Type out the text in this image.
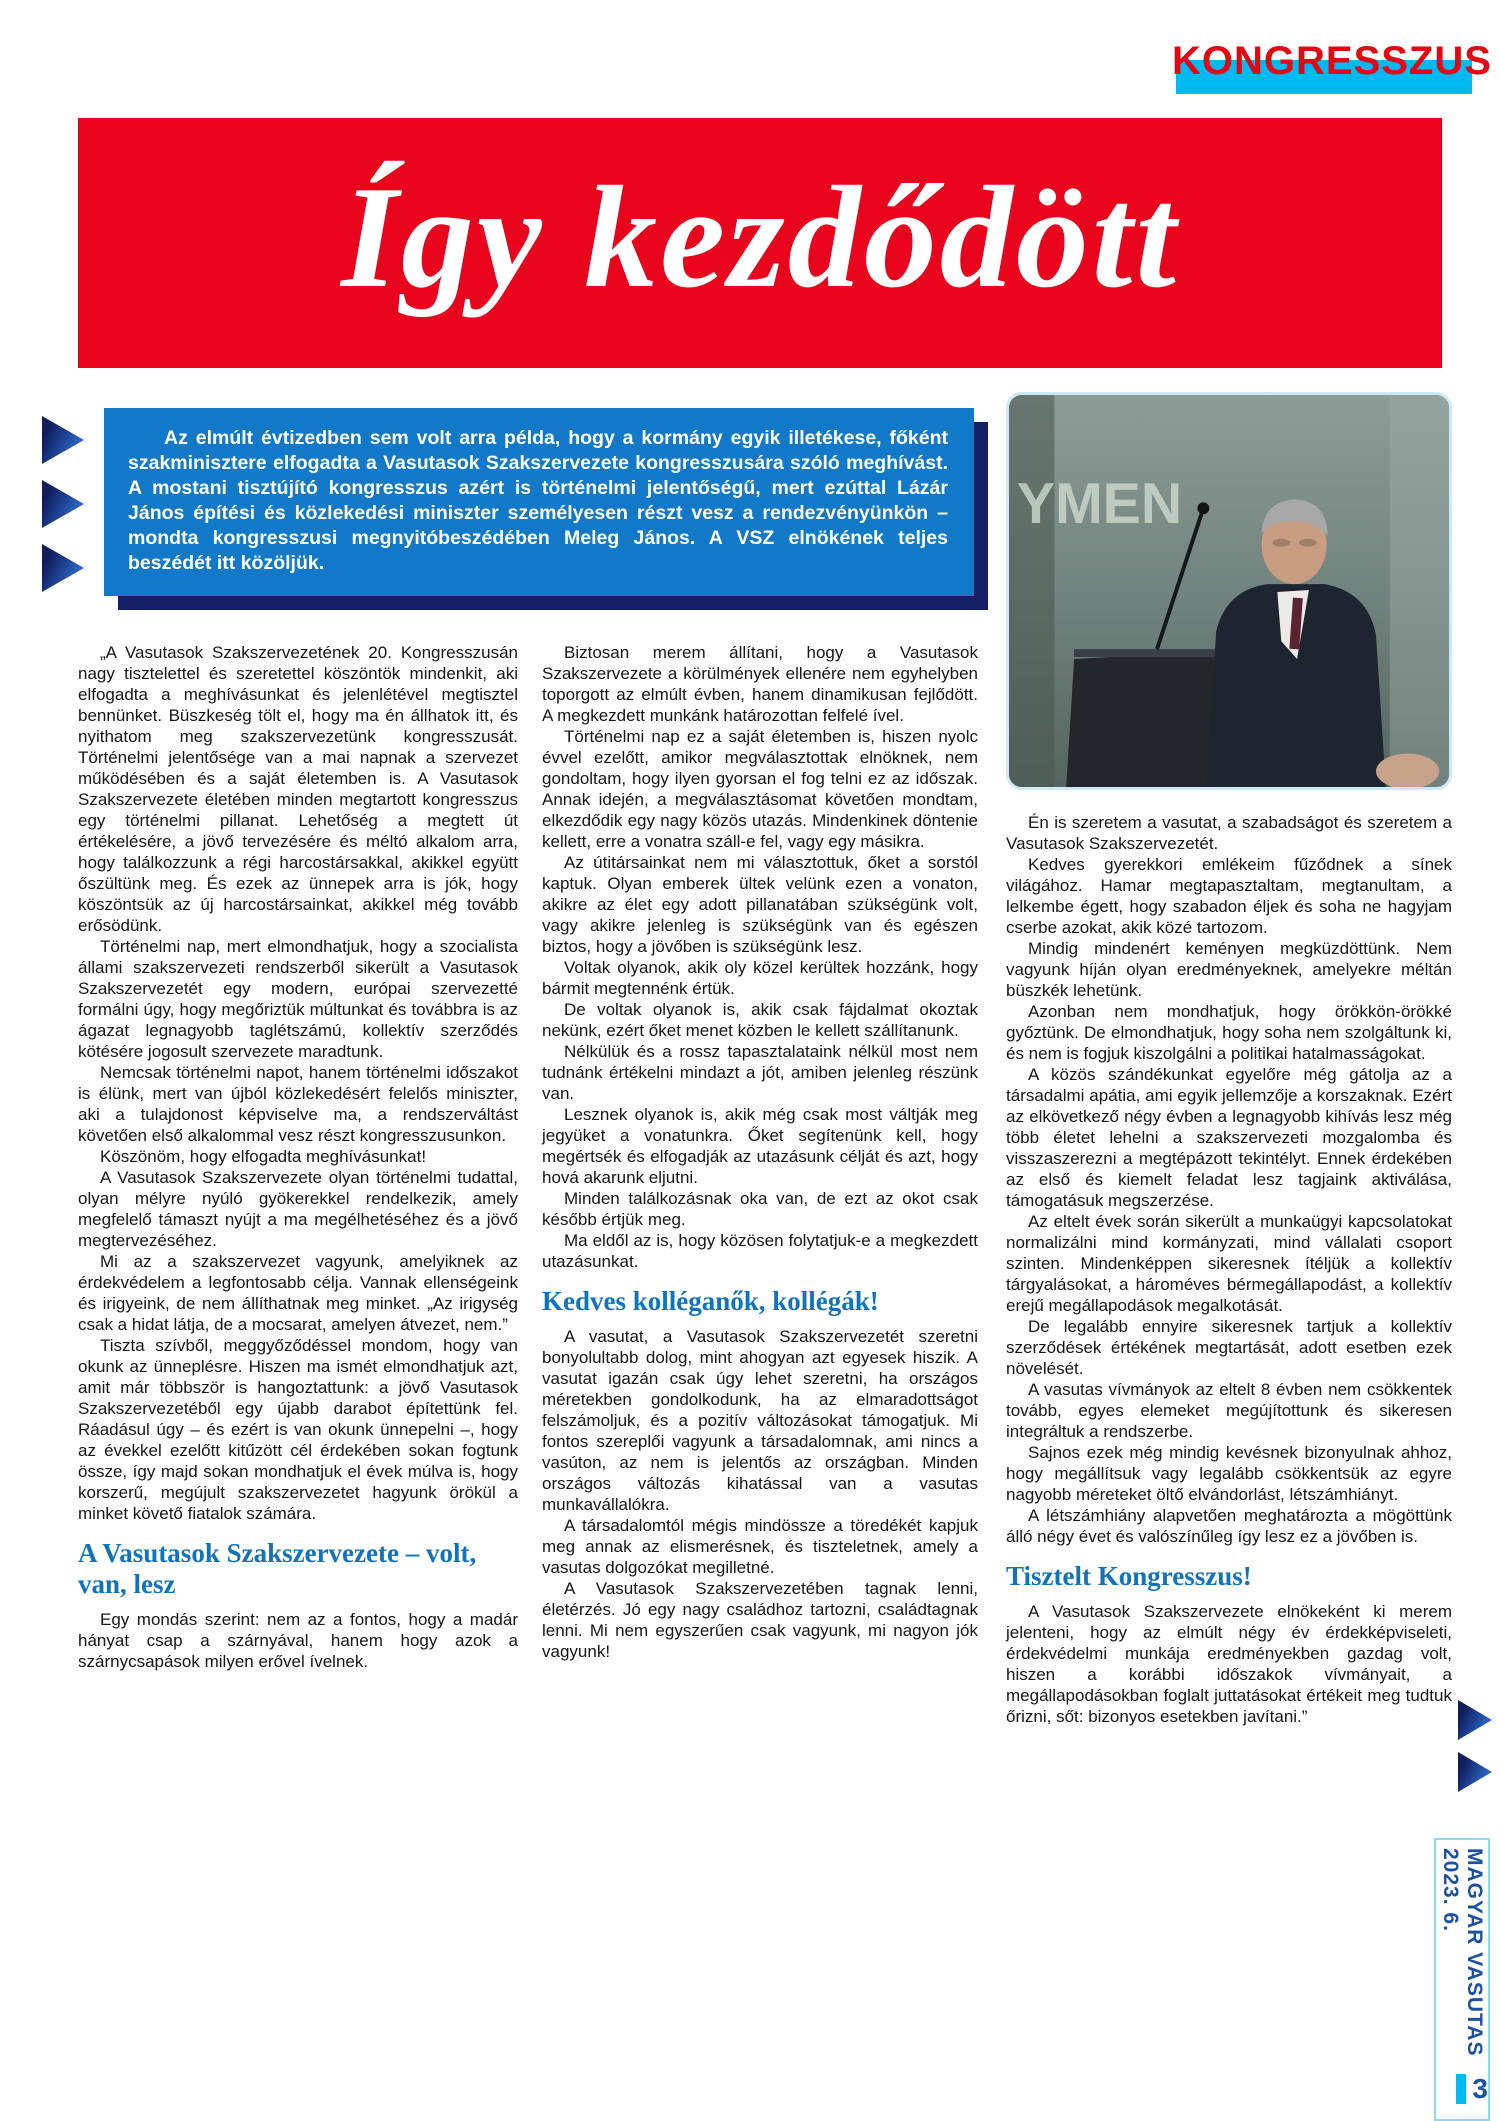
KONGRESSZUS
Így kezdődött

Az elmúlt évtizedben sem volt arra példa, hogy a kormány egyik illetékese, főként szakminisztere elfogadta a Vasutasok Szakszervezete kongresszusára szóló meghívást. A mostani tisztújító kongresszus azért is történelmi jelentőségű, mert ezúttal Lázár János építési és közlekedési miniszter személyesen részt vesz a rendezvényünkön – mondta kongresszusi megnyitóbeszédében Meleg János. A VSZ elnökének teljes beszédét itt közöljük.

YMEN

„A Vasutasok Szakszervezetének 20. Kongresszusán nagy tisztelettel és szeretettel köszöntök mindenkit, aki elfogadta a meghívásunkat és jelenlétével megtisztel bennünket. Büszkeség tölt el, hogy ma én állhatok itt, és nyithatom meg szakszervezetünk kongresszusát. Történelmi jelentősége van a mai napnak a szervezet működésében és a saját életemben is. A Vasutasok Szakszervezete életében minden megtartott kongresszus egy történelmi pillanat. Lehetőség a megtett út értékelésére, a jövő tervezésére és méltó alkalom arra, hogy találkozzunk a régi harcostársakkal, akikkel együtt őszültünk meg. És ezek az ünnepek arra is jók, hogy köszöntsük az új harcostársainkat, akikkel még tovább erősödünk.

Történelmi nap, mert elmondhatjuk, hogy a szocialista állami szakszervezeti rendszerből sikerült a Vasutasok Szakszervezetét egy modern, európai szervezetté formálni úgy, hogy megőriztük múltunkat és továbbra is az ágazat legnagyobb taglétszámú, kollektív szerződés kötésére jogosult szervezete maradtunk.

Nemcsak történelmi napot, hanem történelmi időszakot is élünk, mert van újból közlekedésért felelős miniszter, aki a tulajdonost képviselve ma, a rendszerváltást követően első alkalommal vesz részt kongresszusunkon.

Köszönöm, hogy elfogadta meghívásunkat!

A Vasutasok Szakszervezete olyan történelmi tudattal, olyan mélyre nyúló gyökerekkel rendelkezik, amely megfelelő támaszt nyújt a ma megélhetéséhez és a jövő megtervezéséhez.

Mi az a szakszervezet vagyunk, amelyiknek az érdekvédelem a legfontosabb célja. Vannak ellenségeink és irigyeink, de nem állíthatnak meg minket. „Az irigység csak a hidat látja, de a mocsarat, amelyen átvezet, nem.”

Tiszta szívből, meggyőződéssel mondom, hogy van okunk az ünneplésre. Hiszen ma ismét elmondhatjuk azt, amit már többször is hangoztattunk: a jövő Vasutasok Szakszervezetéből egy újabb darabot építettünk fel. Ráadásul úgy – és ezért is van okunk ünnepelni –, hogy az évekkel ezelőtt kitűzött cél érdekében sokan fogtunk össze, így majd sokan mondhatjuk el évek múlva is, hogy korszerű, megújult szakszervezetet hagyunk örökül a minket követő fiatalok számára.

A Vasutasok Szakszervezete – volt, van, lesz

Egy mondás szerint: nem az a fontos, hogy a madár hányat csap a szárnyával, hanem hogy azok a szárnycsapások milyen erővel ívelnek.

Biztosan merem állítani, hogy a Vasutasok Szakszervezete a körülmények ellenére nem egyhelyben toporgott az elmúlt évben, hanem dinamikusan fejlődött. A megkezdett munkánk határozottan felfelé ível.

Történelmi nap ez a saját életemben is, hiszen nyolc évvel ezelőtt, amikor megválasztottak elnöknek, nem gondoltam, hogy ilyen gyorsan el fog telni ez az időszak. Annak idején, a megválasztásomat követően mondtam, elkezdődik egy nagy közös utazás. Mindenkinek döntenie kellett, erre a vonatra száll-e fel, vagy egy másikra.

Az útitársainkat nem mi választottuk, őket a sorstól kaptuk. Olyan emberek ültek velünk ezen a vonaton, akikre az élet egy adott pillanatában szükségünk volt, vagy akikre jelenleg is szükségünk van és egészen biztos, hogy a jövőben is szükségünk lesz.

Voltak olyanok, akik oly közel kerültek hozzánk, hogy bármit megtennénk értük.

De voltak olyanok is, akik csak fájdalmat okoztak nekünk, ezért őket menet közben le kellett szállítanunk.

Nélkülük és a rossz tapasztalataink nélkül most nem tudnánk értékelni mindazt a jót, amiben jelenleg részünk van.

Lesznek olyanok is, akik még csak most váltják meg jegyüket a vonatunkra. Őket segítenünk kell, hogy megértsék és elfogadják az utazásunk célját és azt, hogy hová akarunk eljutni.

Minden találkozásnak oka van, de ezt az okot csak később értjük meg.

Ma eldől az is, hogy közösen folytatjuk-e a megkezdett utazásunkat.

Kedves kolléganők, kollégák!

A vasutat, a Vasutasok Szakszervezetét szeretni bonyolultabb dolog, mint ahogyan azt egyesek hiszik. A vasutat igazán csak úgy lehet szeretni, ha országos méretekben gondolkodunk, ha az elmaradottságot felszámoljuk, és a pozitív változásokat támogatjuk. Mi fontos szereplői vagyunk a társadalomnak, ami nincs a vasúton, az nem is jelentős az országban. Minden országos változás kihatással van a vasutas munkavállalókra.

A társadalomtól mégis mindössze a töredékét kapjuk meg annak az elismerésnek, és tiszteletnek, amely a vasutas dolgozókat megilletné.

A Vasutasok Szakszervezetében tagnak lenni, életérzés. Jó egy nagy családhoz tartozni, családtagnak lenni. Mi nem egyszerűen csak vagyunk, mi nagyon jók vagyunk!

Én is szeretem a vasutat, a szabadságot és szeretem a Vasutasok Szakszervezetét.

Kedves gyerekkori emlékeim fűződnek a sínek világához. Hamar megtapasztaltam, megtanultam, a lelkembe égett, hogy szabadon éljek és soha ne hagyjam cserbe azokat, akik közé tartozom.

Mindig mindenért keményen megküzdöttünk. Nem vagyunk híján olyan eredményeknek, amelyekre méltán büszkék lehetünk.

Azonban nem mondhatjuk, hogy örökkön-örökké győztünk. De elmondhatjuk, hogy soha nem szolgáltunk ki, és nem is fogjuk kiszolgálni a politikai hatalmasságokat.

A közös szándékunkat egyelőre még gátolja az a társadalmi apátia, ami egyik jellemzője a korszaknak. Ezért az elkövetkező négy évben a legnagyobb kihívás lesz még több életet lehelni a szakszervezeti mozgalomba és visszaszerezni a megtépázott tekintélyt. Ennek érdekében az első és kiemelt feladat lesz tagjaink aktiválása, támogatásuk megszerzése.

Az eltelt évek során sikerült a munkaügyi kapcsolatokat normalizálni mind kormányzati, mind vállalati csoport szinten. Mindenképpen sikeresnek ítéljük a kollektív tárgyalásokat, a hároméves bérmegállapodást, a kollektív erejű megállapodások megalkotását.

De legalább ennyire sikeresnek tartjuk a kollektív szerződések értékének megtartását, adott esetben ezek növelését.

A vasutas vívmányok az eltelt 8 évben nem csökkentek tovább, egyes elemeket megújítottunk és sikeresen integráltuk a rendszerbe.

Sajnos ezek még mindig kevésnek bizonyulnak ahhoz, hogy megállítsuk vagy legalább csökkentsük az egyre nagyobb méreteket öltő elvándorlást, létszámhiányt.

A létszámhiány alapvetően meghatározta a mögöttünk álló négy évet és valószínűleg így lesz ez a jövőben is.

Tisztelt Kongresszus!

A Vasutasok Szakszervezete elnökeként ki merem jelenteni, hogy az elmúlt négy év érdekképviseleti, érdekvédelmi munkája eredményekben gazdag volt, hiszen a korábbi időszakok vívmányait, a megállapodásokban foglalt juttatásokat értékeit meg tudtuk őrizni, sőt: bizonyos esetekben javítani.”

MAGYAR VASUTAS 2023. 6.
3
